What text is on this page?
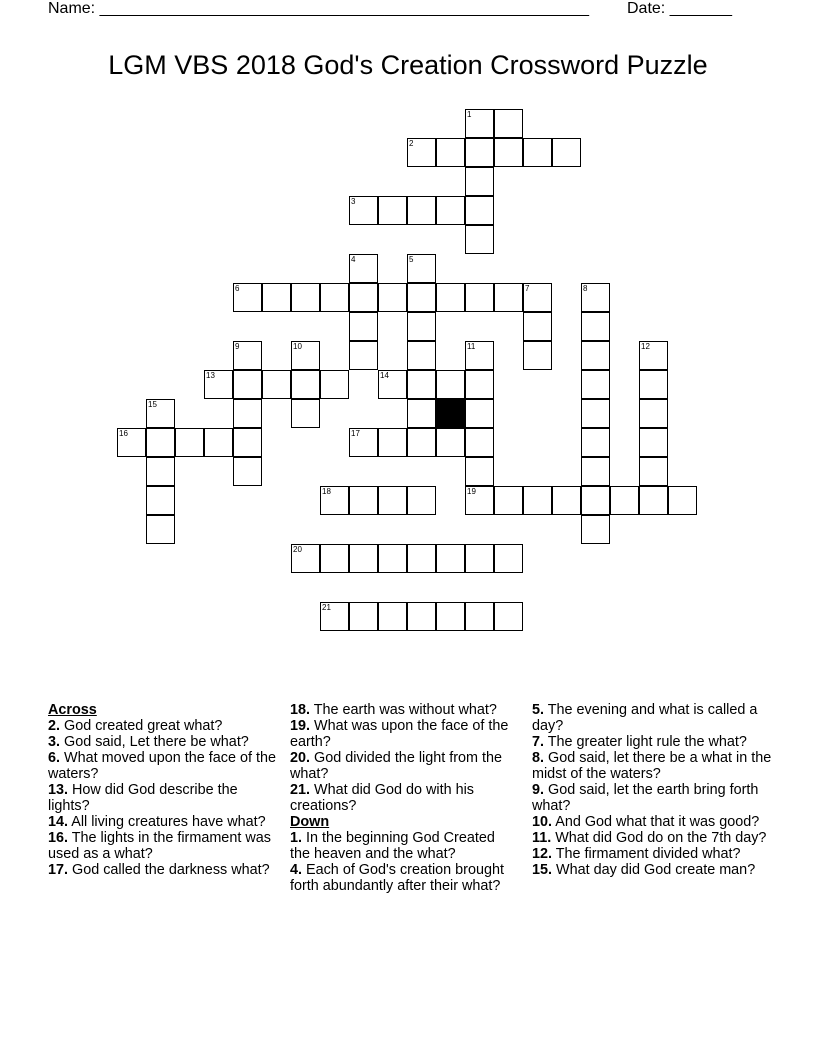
Name: _______________________________________________________ Date: _______
LGM VBS 2018 God's Creation Crossword Puzzle
1
2
3
4	5
6	7	8
9	10	11	12
13	14
15
16	17
18	19
20
21
Across
2. God created great what?
3. God said, Let there be what?
6. What moved upon the face of the waters?
13. How did God describe the lights?
14. All living creatures have what?
16. The lights in the firmament was used as a what?
17. God called the darkness what?
18. The earth was without what?
19. What was upon the face of the earth?
20. God divided the light from the what?
21. What did God do with his creations?
Down
1. In the beginning God Created the heaven and the what?
4. Each of God's creation brought forth abundantly after their what?
5. The evening and what is called a day?
7. The greater light rule the what?
8. God said, let there be a what in the midst of the waters?
9. God said, let the earth bring forth what?
10. And God what that it was good?
11. What did God do on the 7th day?
12. The firmament divided what?
15. What day did God create man?
